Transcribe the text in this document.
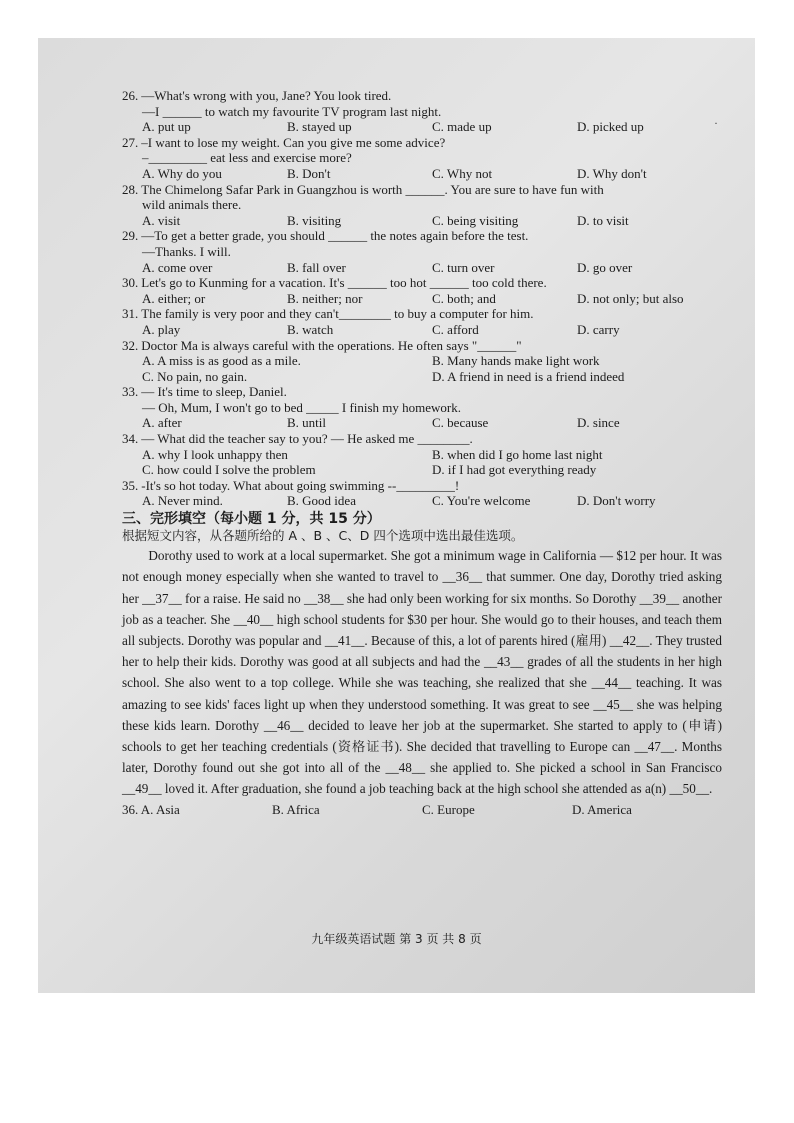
26. —What's wrong with you, Jane? You look tired.

—I ______ to watch my favourite TV program last night.
A. put up	B. stayed up	C. made up	D. picked up
27. –I want to lose my weight. Can you give me some advice?

–_________ eat less and exercise more?
A. Why do you	B. Don't	C. Why not	D. Why don't
28. The Chimelong Safar Park in Guangzhou is worth ______. You are sure to have fun with

wild animals there.
A. visit	B. visiting	C. being visiting	D. to visit
29. —To get a better grade, you should ______ the notes again before the test.

—Thanks. I will.
A. come over	B. fall over	C. turn over	D. go over
30. Let's go to Kunming for a vacation. It's ______ too hot ______ too cold there.

A. either; or	B. neither; nor	C. both; and	D. not only; but also
31. The family is very poor and they can't________ to buy a computer for him.

A. play	B. watch	C. afford	D. carry
32. Doctor Ma is always careful with the operations. He often says "______"

A. A miss is as good as a mile.	B. Many hands make light work
C. No pain, no gain.	D. A friend in need is a friend indeed
33. — It's time to sleep, Daniel.

— Oh, Mum, I won't go to bed _____ I finish my homework.
A. after	B. until	C. because	D. since
34. — What did the teacher say to you? — He asked me ________.

A. why I look unhappy then	B. when did I go home last night
C. how could I solve the problem	D. if I had got everything ready
35. -It's so hot today. What about going swimming --_________!

A. Never mind.	B. Good idea	C. You're welcome	D. Don't worry
三、完形填空（每小题 1 分，共 15 分）
根据短文内容，从各题所给的 A 、B 、C、D 四个选项中选出最佳选项。
Dorothy used to work at a local supermarket. She got a minimum wage in California — $12 per hour. It was not enough money especially when she wanted to travel to __36__ that summer. One day, Dorothy tried asking her __37__ for a raise. He said no __38__ she had only been working for six months. So Dorothy __39__ another job as a teacher. She __40__ high school students for $30 per hour. She would go to their houses, and teach them all subjects. Dorothy was popular and __41__. Because of this, a lot of parents hired (雇用) __42__. They trusted her to help their kids. Dorothy was good at all subjects and had the __43__ grades of all the students in her high school. She also went to a top college. While she was teaching, she realized that she __44__ teaching. It was amazing to see kids' faces light up when they understood something. It was great to see __45__ she was helping these kids learn. Dorothy __46__ decided to leave her job at the supermarket. She started to apply to (申请) schools to get her teaching credentials (资格证书). She decided that travelling to Europe can __47__. Months later, Dorothy found out she got into all of the __48__ she applied to. She picked a school in San Francisco __49__ loved it. After graduation, she found a job teaching back at the high school she attended as a(n) __50__.
36. A. Asia	B. Africa	C. Europe	D. America
九年级英语试题 第 3 页 共 8 页
·
